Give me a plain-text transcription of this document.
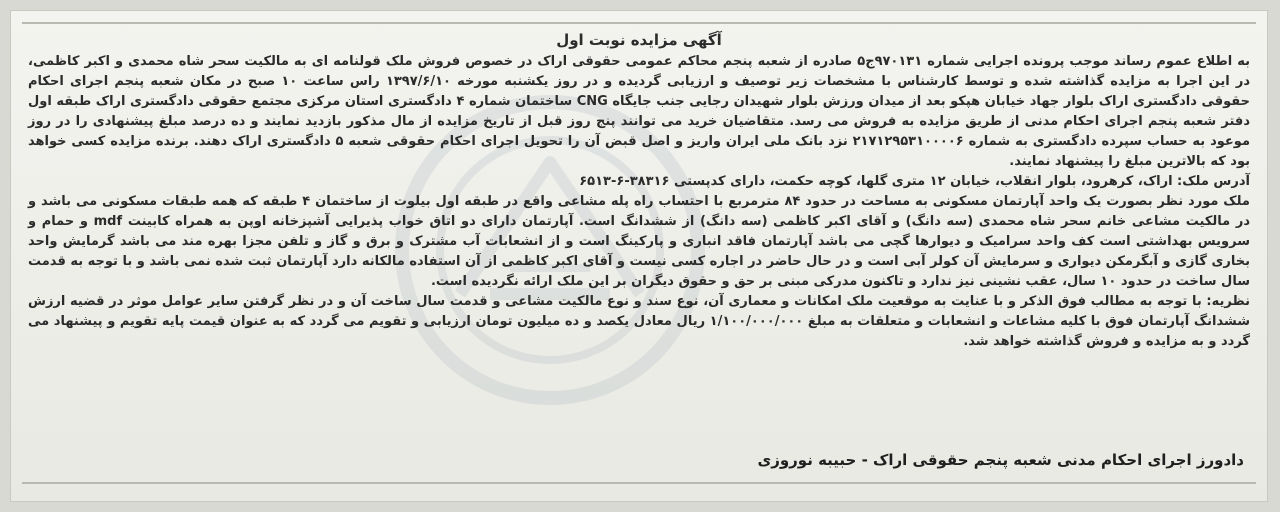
آگهی مزایده نوبت اول

به اطلاع عموم رساند موجب پرونده اجرایی شماره ۹۷۰۱۳۱ج۵ صادره از شعبه پنجم محاکم عمومی حقوقی اراک در خصوص فروش ملک قولنامه ای به مالکیت سحر شاه محمدی و اکبر کاظمی، در این اجرا به مزایده گذاشته شده و توسط کارشناس با مشخصات زیر توصیف و ارزیابی گردیده و در روز یکشنبه مورخه ۱۳۹۷/۶/۱۰ راس ساعت ۱۰ صبح در مکان شعبه پنجم اجرای احکام حقوقی دادگستری اراک بلوار جهاد خیابان هپکو بعد از میدان ورزش بلوار شهیدان رجایی جنب جایگاه CNG ساختمان شماره ۴ دادگستری استان مرکزی مجتمع حقوقی دادگستری اراک طبقه اول دفتر شعبه پنجم اجرای احکام مدنی از طریق مزایده به فروش می رسد. متقاضیان خرید می توانند پنج روز قبل از تاریخ مزایده از مال مذکور بازدید نمایند و ده درصد مبلغ پیشنهادی را در روز موعود به حساب سپرده دادگستری به شماره ۲۱۷۱۲۹۵۳۱۰۰۰۰۶ نزد بانک ملی ایران واریز و اصل قبض آن را تحویل اجرای احکام حقوقی شعبه ۵ دادگستری اراک دهند. برنده مزایده کسی خواهد بود که بالاترین مبلغ را پیشنهاد نمایند.

آدرس ملک: اراک، کرهرود، بلوار انقلاب، خیابان ۱۲ متری گلها، کوچه حکمت، دارای کدپستی ۳۸۳۱۶-۶-۶۵۱۳

ملک مورد نظر بصورت یک واحد آپارتمان مسکونی به مساحت در حدود ۸۴ مترمربع با احتساب راه پله مشاعی واقع در طبقه اول بیلوت از ساختمان ۴ طبقه که همه طبقات مسکونی می باشد و در مالکیت مشاعی خانم سحر شاه محمدی (سه دانگ) و آقای اکبر کاظمی (سه دانگ) از ششدانگ است. آپارتمان دارای دو اتاق خواب پذیرایی آشپزخانه اوپن به همراه کابینت mdf و حمام و سرویس بهداشتی است کف واحد سرامیک و دیوارها گچی می باشد آپارتمان فاقد انباری و پارکینگ است و از انشعابات آب مشترک و برق و گاز و تلفن مجزا بهره مند می باشد گرمایش واحد بخاری گازی و آبگرمکن دیواری و سرمایش آن کولر آبی است و در حال حاضر در اجاره کسی نیست و آقای اکبر کاظمی از آن استفاده مالکانه دارد آپارتمان ثبت شده نمی باشد و با توجه به قدمت سال ساخت در حدود ۱۰ سال، عقب نشینی نیز ندارد و تاکنون مدرکی مبنی بر حق و حقوق دیگران بر این ملک ارائه نگردیده است.

نظریه: با توجه به مطالب فوق الذکر و با عنایت به موقعیت ملک امکانات و معماری آن، نوع سند و نوع مالکیت مشاعی و قدمت سال ساخت آن و در نظر گرفتن سایر عوامل موثر در قضیه ارزش ششدانگ آپارتمان فوق با کلیه مشاعات و انشعابات و متعلقات به مبلغ ۱/۱۰۰/۰۰۰/۰۰۰ ریال معادل یکصد و ده میلیون تومان ارزیابی و تقویم می گردد که به عنوان قیمت پایه تقویم و پیشنهاد می گردد و به مزایده و فروش گذاشته خواهد شد.

دادورز اجرای احکام مدنی شعبه پنجم حقوقی اراک - حبیبه نوروزی
